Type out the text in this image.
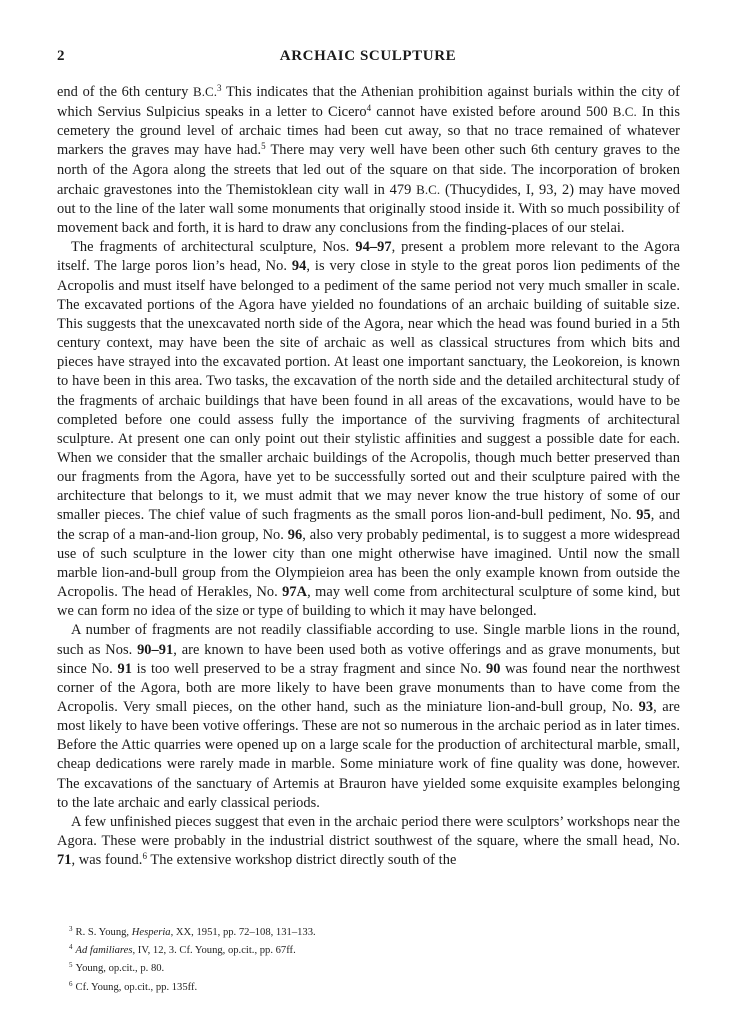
2	ARCHAIC SCULPTURE

end of the 6th century B.C.$^3$ This indicates that the Athenian prohibition against burials within the city of which Servius Sulpicius speaks in a letter to Cicero$^4$ cannot have existed before around 500 B.C. In this cemetery the ground level of archaic times had been cut away, so that no trace remained of whatever markers the graves may have had.$^5$ There may very well have been other such 6th century graves to the north of the Agora along the streets that led out of the square on that side. The incorporation of broken archaic gravestones into the Themistoklean city wall in 479 B.C. (Thucydides, I, 93, 2) may have moved out to the line of the later wall some monuments that originally stood inside it. With so much possibility of movement back and forth, it is hard to draw any conclusions from the finding-places of our stelai.

The fragments of architectural sculpture, Nos. 94–97, present a problem more relevant to the Agora itself. The large poros lion’s head, No. 94, is very close in style to the great poros lion pediments of the Acropolis and must itself have belonged to a pediment of the same period not very much smaller in scale. The excavated portions of the Agora have yielded no foundations of an archaic building of suitable size. This suggests that the unexcavated north side of the Agora, near which the head was found buried in a 5th century context, may have been the site of archaic as well as classical structures from which bits and pieces have strayed into the excavated portion. At least one important sanctuary, the Leokoreion, is known to have been in this area. Two tasks, the excavation of the north side and the detailed architectural study of the fragments of archaic buildings that have been found in all areas of the excavations, would have to be completed before one could assess fully the importance of the surviving fragments of architectural sculpture. At present one can only point out their stylistic affinities and suggest a possible date for each. When we consider that the smaller archaic buildings of the Acropolis, though much better preserved than our fragments from the Agora, have yet to be successfully sorted out and their sculpture paired with the architecture that belongs to it, we must admit that we may never know the true history of some of our smaller pieces. The chief value of such fragments as the small poros lion-and-bull pediment, No. 95, and the scrap of a man-and-lion group, No. 96, also very probably pedimental, is to suggest a more widespread use of such sculpture in the lower city than one might otherwise have imagined. Until now the small marble lion-and-bull group from the Olympieion area has been the only example known from outside the Acropolis. The head of Herakles, No. 97A, may well come from architectural sculpture of some kind, but we can form no idea of the size or type of building to which it may have belonged.

A number of fragments are not readily classifiable according to use. Single marble lions in the round, such as Nos. 90–91, are known to have been used both as votive offerings and as grave monuments, but since No. 91 is too well preserved to be a stray fragment and since No. 90 was found near the northwest corner of the Agora, both are more likely to have been grave monuments than to have come from the Acropolis. Very small pieces, on the other hand, such as the miniature lion-and-bull group, No. 93, are most likely to have been votive offerings. These are not so numerous in the archaic period as in later times. Before the Attic quarries were opened up on a large scale for the production of architectural marble, small, cheap dedications were rarely made in marble. Some miniature work of fine quality was done, however. The excavations of the sanctuary of Artemis at Brauron have yielded some exquisite examples belonging to the late archaic and early classical periods.

A few unfinished pieces suggest that even in the archaic period there were sculptors’ workshops near the Agora. These were probably in the industrial district southwest of the square, where the small head, No. 71, was found.$^6$ The extensive workshop district directly south of the

$^3$ R. S. Young, Hesperia, XX, 1951, pp. 72–108, 131–133.
$^4$ Ad familiares, IV, 12, 3. Cf. Young, op.cit., pp. 67ff.
$^5$ Young, op.cit., p. 80.
$^6$ Cf. Young, op.cit., pp. 135ff.
